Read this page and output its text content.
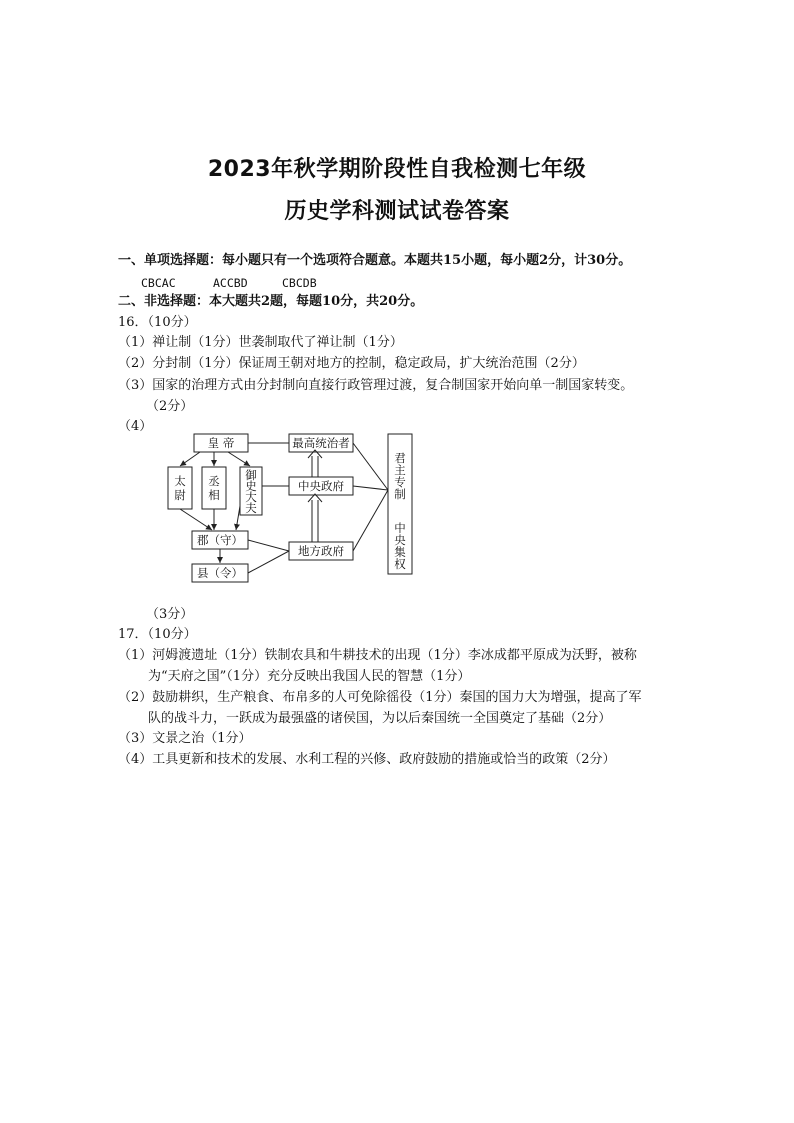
2023年秋学期阶段性自我检测七年级
历史学科测试试卷答案
一、单项选择题：每小题只有一个选项符合题意。本题共15小题，每小题2分，计30分。
CBCAC	ACCBD	CBCDB
二、非选择题：本大题共2题，每题10分，共20分。
16．（10分）
（1）禅让制（1分）世袭制取代了禅让制（1分）
（2）分封制（1分）保证周王朝对地方的控制，稳定政局，扩大统治范围（2分）
（3）国家的治理方式由分封制向直接行政管理过渡，复合制国家开始向单一制国家转变。
（2分）
（4）
皇 帝
太
尉
丞
相
御
史
大
夫
郡（守）
县（令）
最高统治者
中央政府
地方政府
君
主
专
制
中
央
集
权
（3分）
17．（10分）
（1）河姆渡遗址（1分）铁制农具和牛耕技术的出现（1分）李冰成都平原成为沃野，被称
为“天府之国”（1分）充分反映出我国人民的智慧（1分）
（2）鼓励耕织，生产粮食、布帛多的人可免除徭役（1分）秦国的国力大为增强，提高了军
队的战斗力，一跃成为最强盛的诸侯国，为以后秦国统一全国奠定了基础（2分）
（3）文景之治（1分）
（4）工具更新和技术的发展、水利工程的兴修、政府鼓励的措施或恰当的政策（2分）
